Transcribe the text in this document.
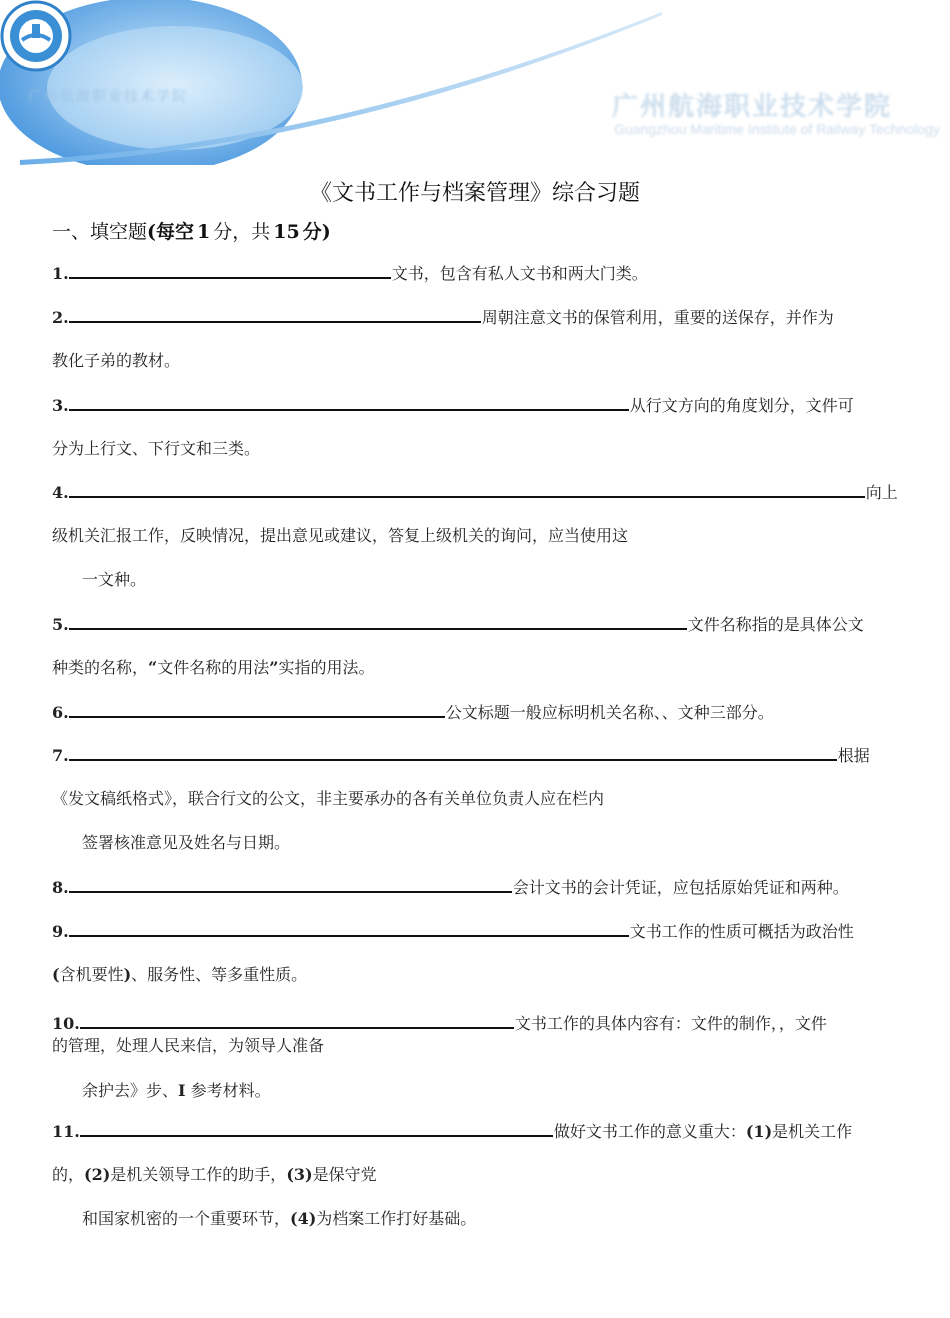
广州航海职业技术学院	广州航海职业技术学院
Guangzhou Maritime Institute of Railway Technology
《文书工作与档案管理》综合习题
一、填空题(每空 1 分，共 15 分)
1.	文书，包含有私人文书和两大门类。
2.	周朝注意文书的保管利用，重要的送保存，并作为
教化子弟的教材。
3.	从行文方向的角度划分，文件可
分为上行文、下行文和三类。
4.	向上
级机关汇报工作，反映情况，提出意见或建议，答复上级机关的询问，应当使用这
一文种。
5.	文件名称指的是具体公文
种类的名称，“文件名称的用法”实指的用法。
6.	公文标题一般应标明机关名称、、文种三部分。
7.	根据
《发文稿纸格式》，联合行文的公文，非主要承办的各有关单位负责人应在栏内
签署核准意见及姓名与日期。
8.	会计文书的会计凭证，应包括原始凭证和两种。
9.	文书工作的性质可概括为政治性
(含机要性)、服务性、等多重性质。
10.	文书工作的具体内容有：文件的制作，，文件
的管理，处理人民来信，为领导人准备
余护去》步、I 参考材料。
11.	做好文书工作的意义重大：(1)是机关工作
的，(2)是机关领导工作的助手，(3)是保守党
和国家机密的一个重要环节，(4)为档案工作打好基础。
